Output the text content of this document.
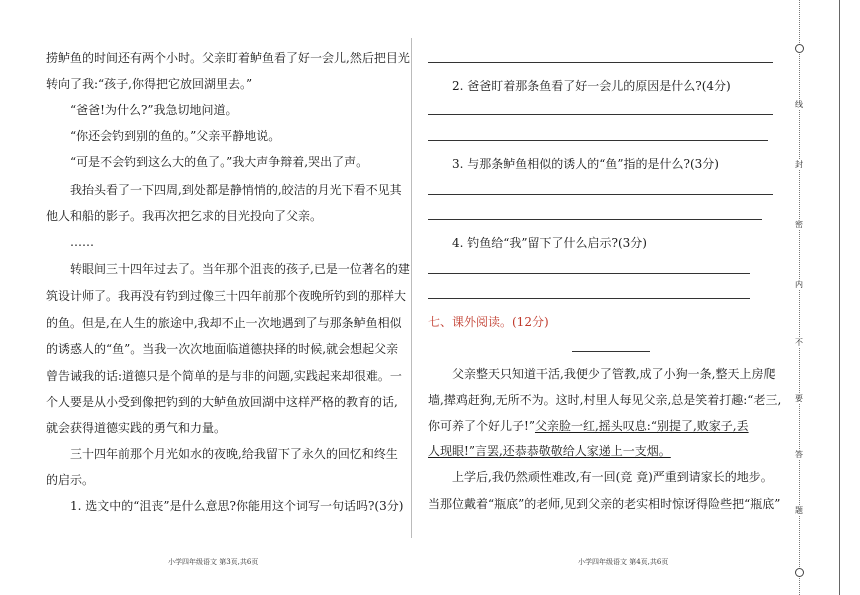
捞鲈鱼的时间还有两个小时。父亲盯着鲈鱼看了好一会儿,然后把目光
转向了我:“孩子,你得把它放回湖里去。”
“爸爸!为什么?”我急切地问道。
“你还会钓到别的鱼的。”父亲平静地说。
“可是不会钓到这么大的鱼了。”我大声争辩着,哭出了声。
我抬头看了一下四周,到处都是静悄悄的,皎洁的月光下看不见其
他人和船的影子。我再次把乞求的目光投向了父亲。
……
转眼间三十四年过去了。当年那个沮丧的孩子,已是一位著名的建
筑设计师了。我再没有钓到过像三十四年前那个夜晚所钓到的那样大
的鱼。但是,在人生的旅途中,我却不止一次地遇到了与那条鲈鱼相似
的诱惑人的“鱼”。当我一次次地面临道德抉择的时候,就会想起父亲
曾告诫我的话:道德只是个简单的是与非的问题,实践起来却很难。一
个人要是从小受到像把钓到的大鲈鱼放回湖中这样严格的教育的话,
就会获得道德实践的勇气和力量。
三十四年前那个月光如水的夜晚,给我留下了永久的回忆和终生
的启示。
1. 选文中的“沮丧”是什么意思?你能用这个词写一句话吗?(3分)
小学四年级语文 第3页,共6页
2. 爸爸盯着那条鱼看了好一会儿的原因是什么?(4分)
3. 与那条鲈鱼相似的诱人的“鱼”指的是什么?(3分)
4. 钓鱼给“我”留下了什么启示?(3分)
七、课外阅读。(12分)
父亲整天只知道干活,我便少了管教,成了小狗一条,整天上房爬
墙,撵鸡赶狗,无所不为。这时,村里人每见父亲,总是笑着打趣:“老三,
你可养了个好儿子!”父亲脸一红,摇头叹息:“别提了,败家子,丢
人现眼!”言罢,还恭恭敬敬给人家递上一支烟。
上学后,我仍然顽性难改,有一回(竞 竟)严重到请家长的地步。
当那位戴着“瓶底”的老师,见到父亲的老实相时惊讶得险些把“瓶底”
小学四年级语文 第4页,共6页
线
封
密
内
不
要
答
题
